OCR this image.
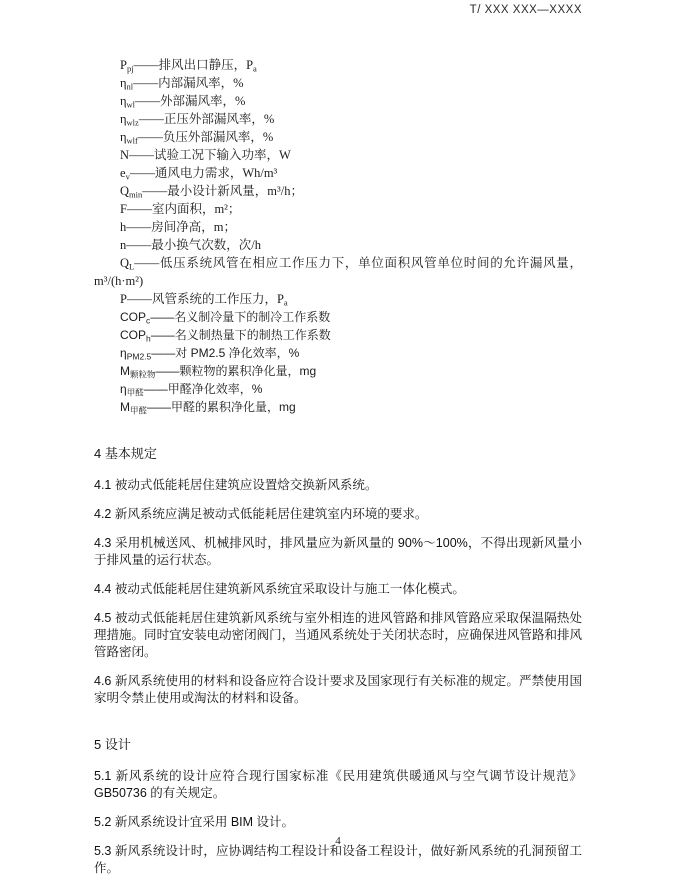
T/ XXX XXX—XXXX

$P_{pj}——$排风出口静压，$P_a$

$\eta_{nl}——$内部漏风率，%

$\eta_{wl}——$外部漏风率，%

$\eta_{wlz}——$正压外部漏风率，%

$\eta_{wlf}——$负压外部漏风率，%

N——试验工况下输入功率，W

$e_v——$通风电力需求，Wh/m³

$Q_{min}——$最小设计新风量，m³/h；

F——室内面积，m²；

h——房间净高，m；

n——最小换气次数，次/h

$Q_L——$低压系统风管在相应工作压力下，单位面积风管单位时间的允许漏风量，m³/(h·m²)

P——风管系统的工作压力，$P_a$

$COP_c——$名义制冷量下的制冷工作系数

$COP_h——$名义制热量下的制热工作系数

$\eta_{PM2.5}——$对 PM2.5 净化效率，%

$M_{颗粒物}——$颗粒物的累积净化量，mg

$\eta_{甲醛}——$甲醛净化效率，%

$M_{甲醛}——$甲醛的累积净化量，mg

4 基本规定

4.1 被动式低能耗居住建筑应设置焓交换新风系统。

4.2 新风系统应满足被动式低能耗居住建筑室内环境的要求。

4.3 采用机械送风、机械排风时，排风量应为新风量的 90%～100%，不得出现新风量小于排风量的运行状态。

4.4 被动式低能耗居住建筑新风系统宜采取设计与施工一体化模式。

4.5 被动式低能耗居住建筑新风系统与室外相连的进风管路和排风管路应采取保温隔热处理措施。同时宜安装电动密闭阀门，当通风系统处于关闭状态时，应确保进风管路和排风管路密闭。

4.6 新风系统使用的材料和设备应符合设计要求及国家现行有关标准的规定。严禁使用国家明令禁止使用或淘汰的材料和设备。

5 设计

5.1 新风系统的设计应符合现行国家标准《民用建筑供暖通风与空气调节设计规范》GB50736 的有关规定。

5.2 新风系统设计宜采用 BIM 设计。

5.3 新风系统设计时，应协调结构工程设计和设备工程设计，做好新风系统的孔洞预留工作。

4
